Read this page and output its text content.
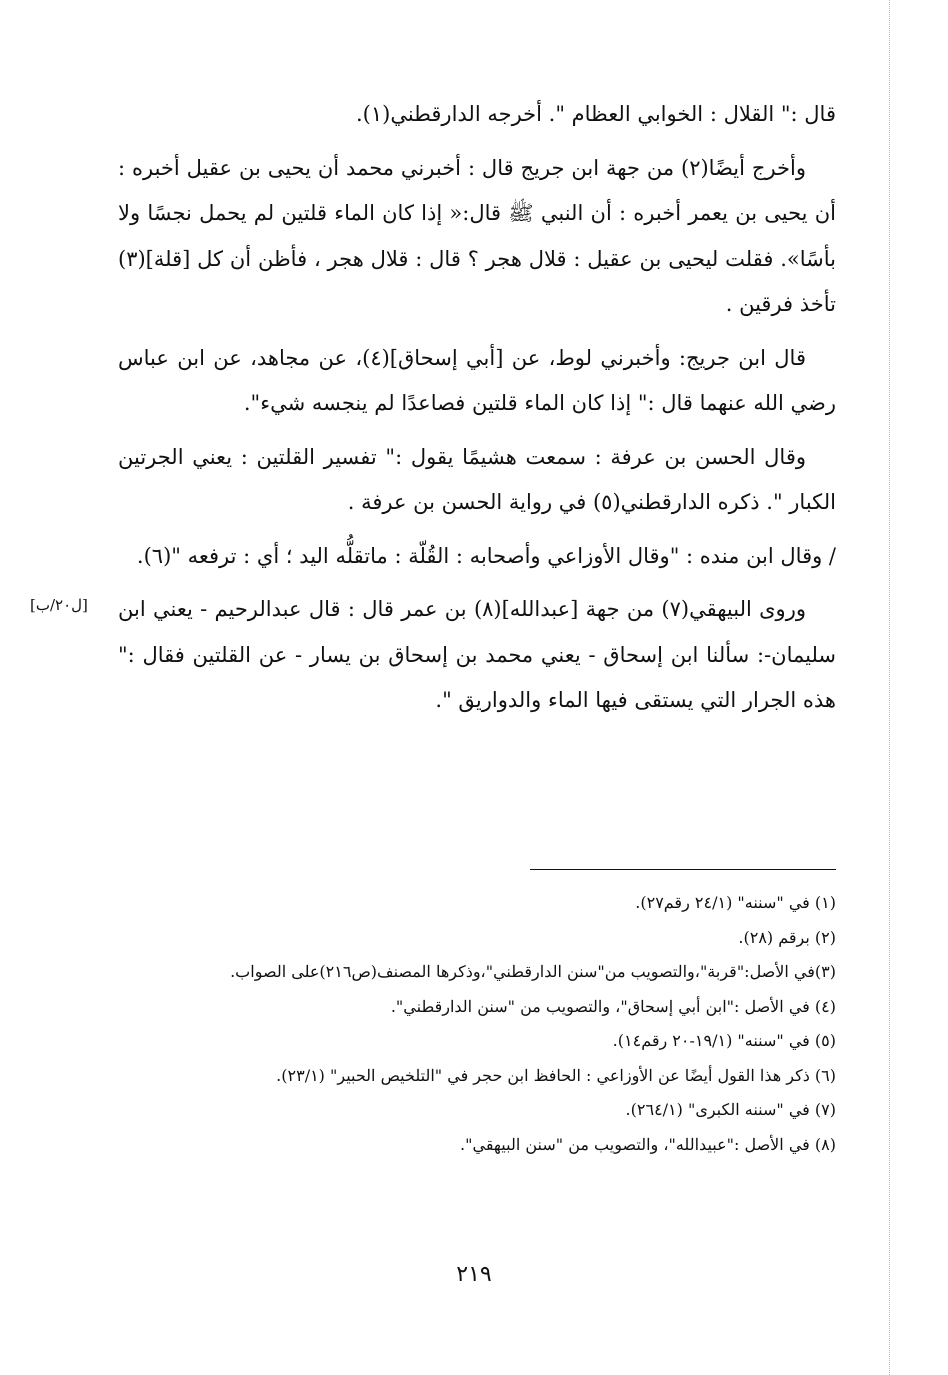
قال :" القلال : الخوابي العظام ". أخرجه الدارقطني(١).

وأخرج أيضًا(٢) من جهة ابن جريج قال : أخبرني محمد أن يحيى بن عقيل أخبره : أن يحيى بن يعمر أخبره : أن النبي ﷺ قال:« إذا كان الماء قلتين لم يحمل نجسًا ولا بأسًا». فقلت ليحيى بن عقيل : قلال هجر ؟ قال : قلال هجر ، فأظن أن كل [قلة](٣) تأخذ فرقين .

قال ابن جريج: وأخبرني لوط، عن [أبي إسحاق](٤)، عن مجاهد، عن ابن عباس رضي الله عنهما قال :" إذا كان الماء قلتين فصاعدًا لم ينجسه شيء".

وقال الحسن بن عرفة : سمعت هشيمًا يقول :" تفسير القلتين : يعني الجرتين الكبار ". ذكره الدارقطني(٥) في رواية الحسن بن عرفة .

/ وقال ابن منده : "وقال الأوزاعي وأصحابه : القُلّة : ماتقلُّه اليد ؛ أي : ترفعه "(٦).

وروى البيهقي(٧) من جهة [عبدالله](٨) بن عمر قال : قال عبدالرحيم - يعني ابن سليمان-: سألنا ابن إسحاق - يعني محمد بن إسحاق بن يسار - عن القلتين فقال :" هذه الجرار التي يستقى فيها الماء والدواريق ".

[ل٢٠/ب]
(١) في "سننه" (٢٤/١ رقم٢٧).
(٢) برقم (٢٨).
(٣)في الأصل:"قربة"،والتصويب من"سنن الدارقطني"،وذكرها المصنف(ص٢١٦)على الصواب.
(٤) في الأصل :"ابن أبي إسحاق"، والتصويب من "سنن الدارقطني".
(٥) في "سننه" (١٩/١-٢٠ رقم١٤).
(٦) ذكر هذا القول أيضًا عن الأوزاعي : الحافظ ابن حجر في "التلخيص الحبير" (٢٣/١).
(٧) في "سننه الكبرى" (٢٦٤/١).
(٨) في الأصل :"عبيدالله"، والتصويب من "سنن البيهقي".
٢١٩
